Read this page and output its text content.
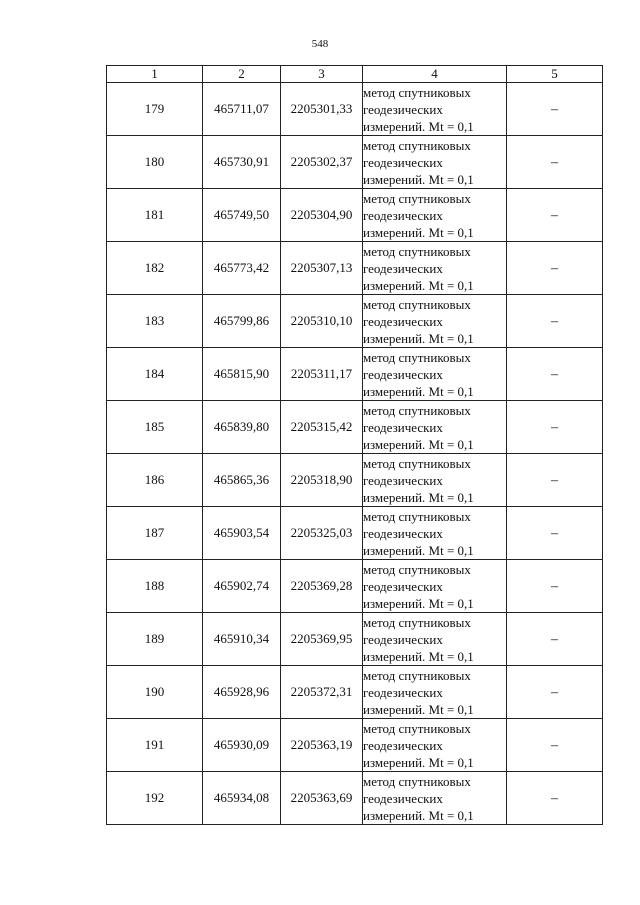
548
1	2	3	4	5
179	465711,07	2205301,33	метод спутниковых
геодезических
измерений. Mt = 0,1	–
180	465730,91	2205302,37	метод спутниковых
геодезических
измерений. Mt = 0,1	–
181	465749,50	2205304,90	метод спутниковых
геодезических
измерений. Mt = 0,1	–
182	465773,42	2205307,13	метод спутниковых
геодезических
измерений. Mt = 0,1	–
183	465799,86	2205310,10	метод спутниковых
геодезических
измерений. Mt = 0,1	–
184	465815,90	2205311,17	метод спутниковых
геодезических
измерений. Mt = 0,1	–
185	465839,80	2205315,42	метод спутниковых
геодезических
измерений. Mt = 0,1	–
186	465865,36	2205318,90	метод спутниковых
геодезических
измерений. Mt = 0,1	–
187	465903,54	2205325,03	метод спутниковых
геодезических
измерений. Mt = 0,1	–
188	465902,74	2205369,28	метод спутниковых
геодезических
измерений. Mt = 0,1	–
189	465910,34	2205369,95	метод спутниковых
геодезических
измерений. Mt = 0,1	–
190	465928,96	2205372,31	метод спутниковых
геодезических
измерений. Mt = 0,1	–
191	465930,09	2205363,19	метод спутниковых
геодезических
измерений. Mt = 0,1	–
192	465934,08	2205363,69	метод спутниковых
геодезических
измерений. Mt = 0,1	–
